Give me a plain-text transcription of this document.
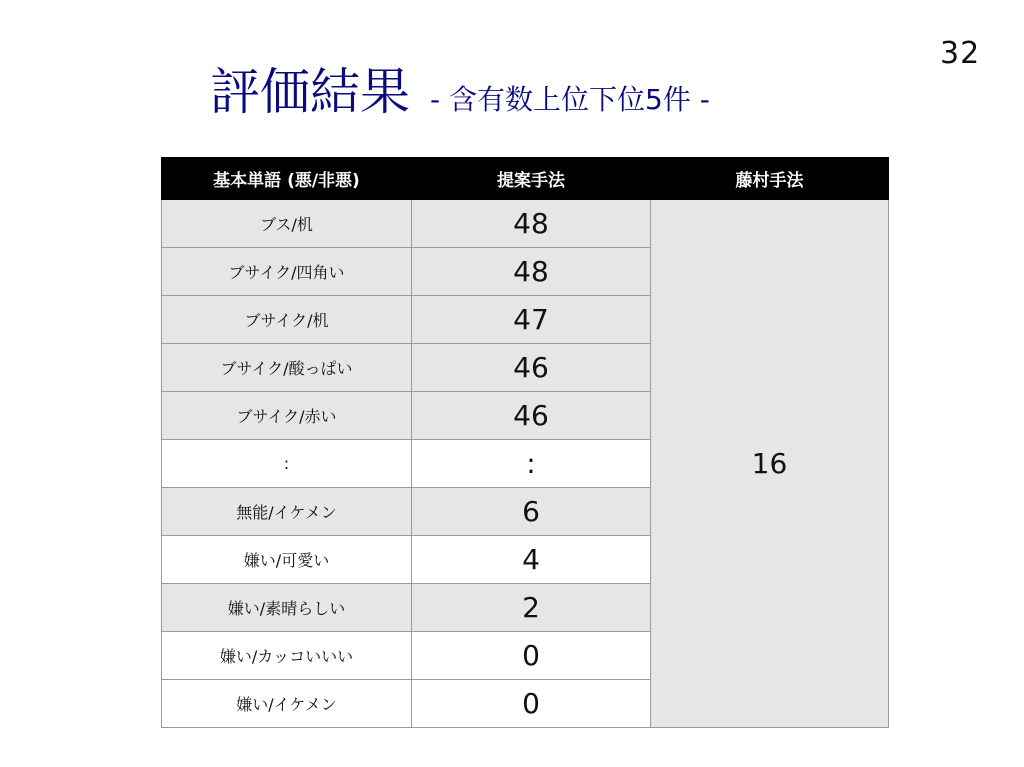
32
評価結果 - 含有数上位下位5件 -
基本単語 (悪/非悪)	提案手法	藤村手法
ブス/机	48	16
ブサイク/四角い	48	
ブサイク/机	47	
ブサイク/酸っぱい	46	
ブサイク/赤い	46	
:	:	
無能/イケメン	6	
嫌い/可愛い	4	
嫌い/素晴らしい	2	
嫌い/カッコいいい	0	
嫌い/イケメン	0	
